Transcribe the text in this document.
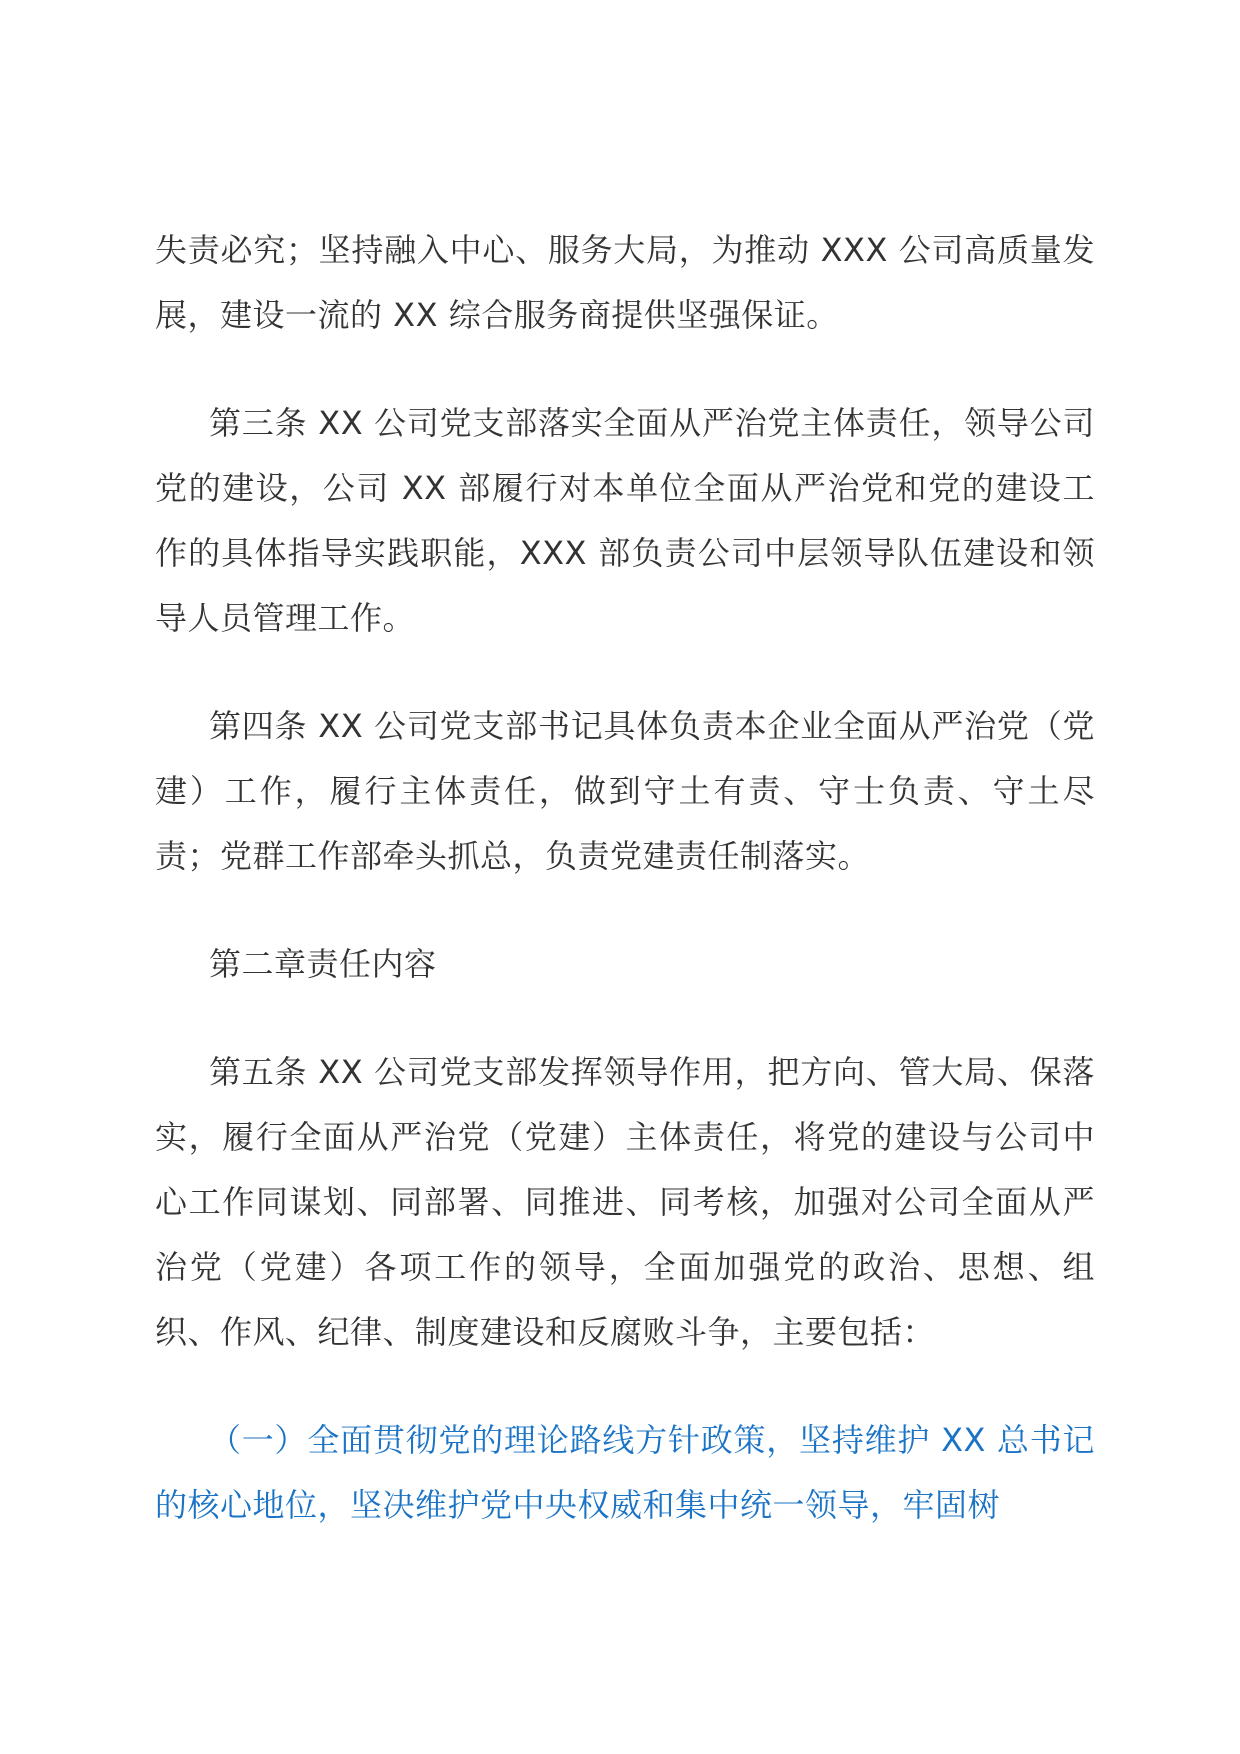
失责必究；坚持融入中心、服务大局，为推动 XXX 公司高质量发展，建设一流的 XX 综合服务商提供坚强保证。

第三条 XX 公司党支部落实全面从严治党主体责任，领导公司党的建设，公司 XX 部履行对本单位全面从严治党和党的建设工作的具体指导实践职能，XXX 部负责公司中层领导队伍建设和领导人员管理工作。

第四条 XX 公司党支部书记具体负责本企业全面从严治党（党建）工作，履行主体责任，做到守土有责、守士负责、守土尽责；党群工作部牵头抓总，负责党建责任制落实。

第二章责任内容

第五条 XX 公司党支部发挥领导作用，把方向、管大局、保落实，履行全面从严治党（党建）主体责任，将党的建设与公司中心工作同谋划、同部署、同推进、同考核，加强对公司全面从严治党（党建）各项工作的领导，全面加强党的政治、思想、组织、作风、纪律、制度建设和反腐败斗争，主要包括：

（一）全面贯彻党的理论路线方针政策，坚持维护 XX 总书记的核心地位，坚决维护党中央权威和集中统一领导，牢固树
